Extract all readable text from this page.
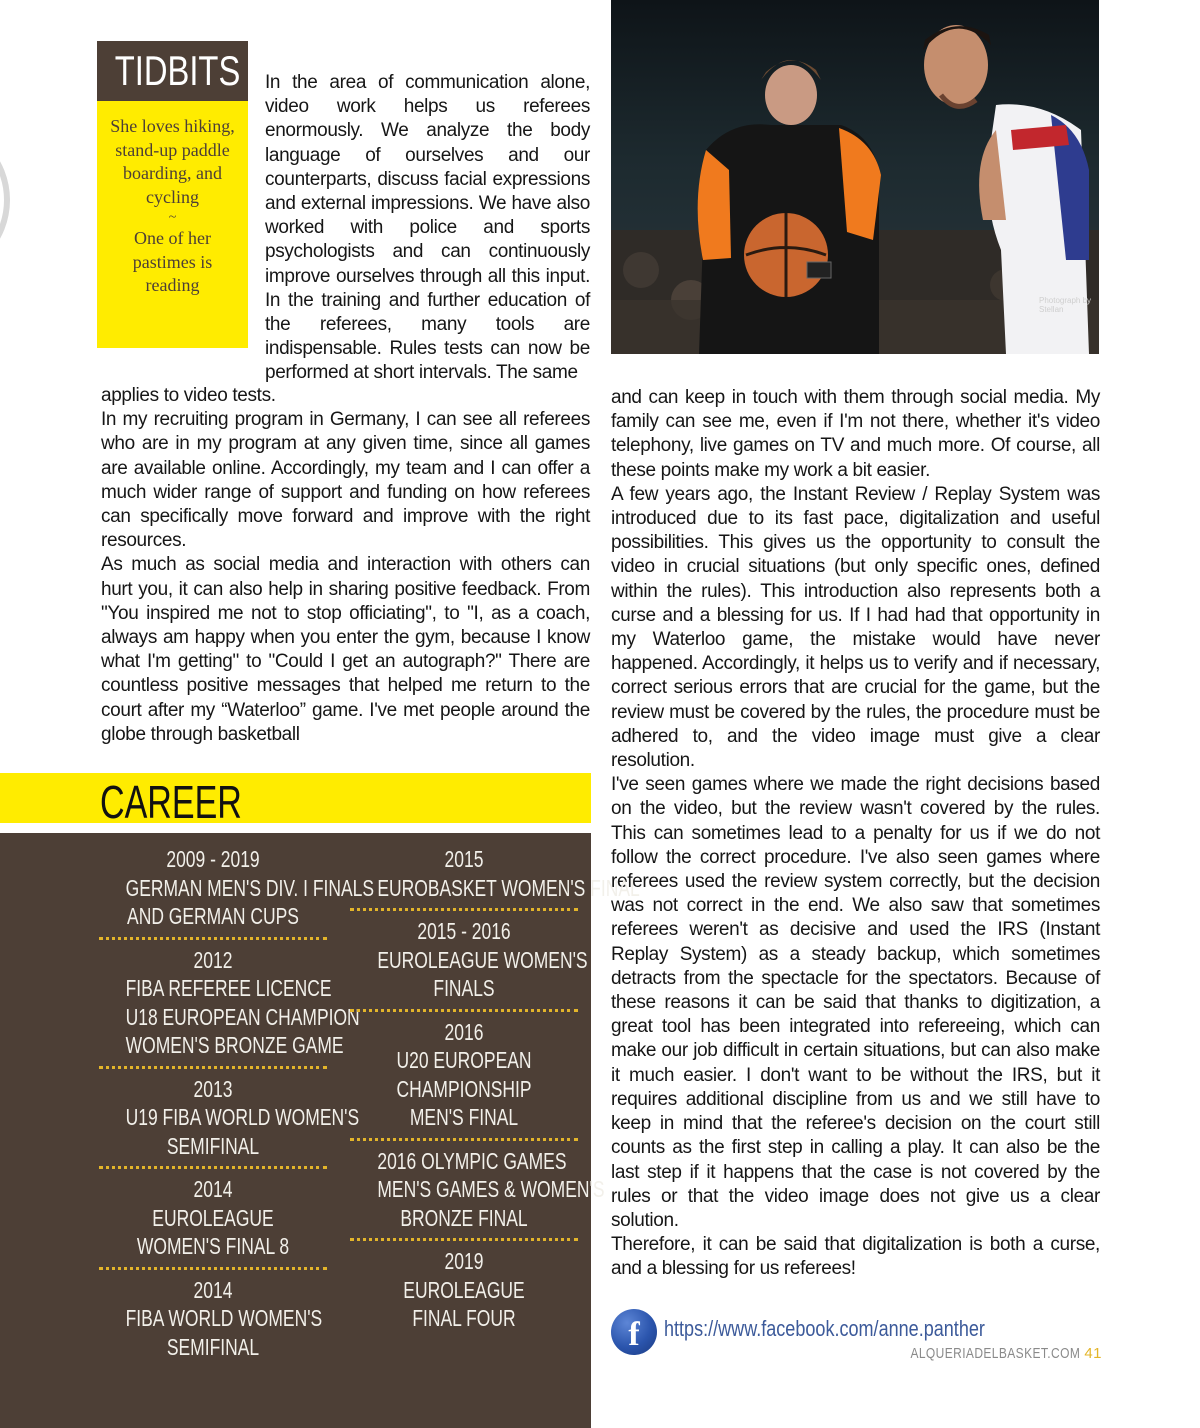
TIDBITS
She loves hiking, stand-up paddle boarding, and cycling
~
One of her pastimes is reading

In the area of communication alone, video work helps us referees enormously. We analyze the body language of ourselves and our counterparts, discuss facial expressions and external impressions. We have also worked with police and sports psychologists and can continuously improve ourselves through all this input. In the training and further education of the referees, many tools are indispensable. Rules tests can now be performed at short intervals. The same

applies to video tests.

In my recruiting program in Germany, I can see all referees who are in my program at any given time, since all games are available online. Accordingly, my team and I can offer a much wider range of support and funding on how referees can specifically move forward and improve with the right resources.

As much as social media and interaction with others can hurt you, it can also help in sharing positive feedback. From "You inspired me not to stop officiating", to "I, as a coach, always am happy when you enter the gym, because I know what I'm getting" to "Could I get an autograph?" There are countless positive messages that helped me return to the court after my “Waterloo” game. I've met people around the globe through basketball

and can keep in touch with them through social media. My family can see me, even if I'm not there, whether it's video telephony, live games on TV and much more. Of course, all these points make my work a bit easier.

A few years ago, the Instant Review / Replay System was introduced due to its fast pace, digitalization and useful possibilities. This gives us the opportunity to consult the video in crucial situations (but only specific ones, defined within the rules). This introduction also represents both a curse and a blessing for us. If I had had that opportunity in my Waterloo game, the mistake would have never happened. Accordingly, it helps us to verify and if necessary, correct serious errors that are crucial for the game, but the review must be covered by the rules, the procedure must be adhered to, and the video image must give a clear resolution.

I've seen games where we made the right decisions based on the video, but the review wasn't covered by the rules. This can sometimes lead to a penalty for us if we do not follow the correct procedure. I've also seen games where referees used the review system correctly, but the decision was not correct in the end. We also saw that sometimes referees weren't as decisive and used the IRS (Instant Replay System) as a steady backup, which sometimes detracts from the spectacle for the spectators. Because of these reasons it can be said that thanks to digitization, a great tool has been integrated into refereeing, which can make our job difficult in certain situations, but can also make it much easier. I don't want to be without the IRS, but it requires additional discipline from us and we still have to keep in mind that the referee's decision on the court still counts as the first step in calling a play. It can also be the last step if it happens that the case is not covered by the rules or that the video image does not give us a clear solution.

Therefore, it can be said that digitalization is both a curse, and a blessing for us referees!

Photograph by Stellan
CAREER
2009 - 2019
GERMAN MEN'S DIV. I FINALS
AND GERMAN CUPS
2012
FIBA REFEREE LICENCE
U18 EUROPEAN CHAMPION
WOMEN'S BRONZE GAME
2013
U19 FIBA WORLD WOMEN'S
SEMIFINAL
2014
EUROLEAGUE
WOMEN'S FINAL 8
2014
FIBA WORLD WOMEN'S
SEMIFINAL
2015
EUROBASKET WOMEN'S FINAL
2015 - 2016
EUROLEAGUE WOMEN'S
FINALS
2016
U20 EUROPEAN
CHAMPIONSHIP
MEN'S FINAL
2016 OLYMPIC GAMES
MEN'S GAMES & WOMEN'S
BRONZE FINAL
2019
EUROLEAGUE
FINAL FOUR	f	https://www.facebook.com/anne.panther
ALQUERIADELBASKET.COM 41
